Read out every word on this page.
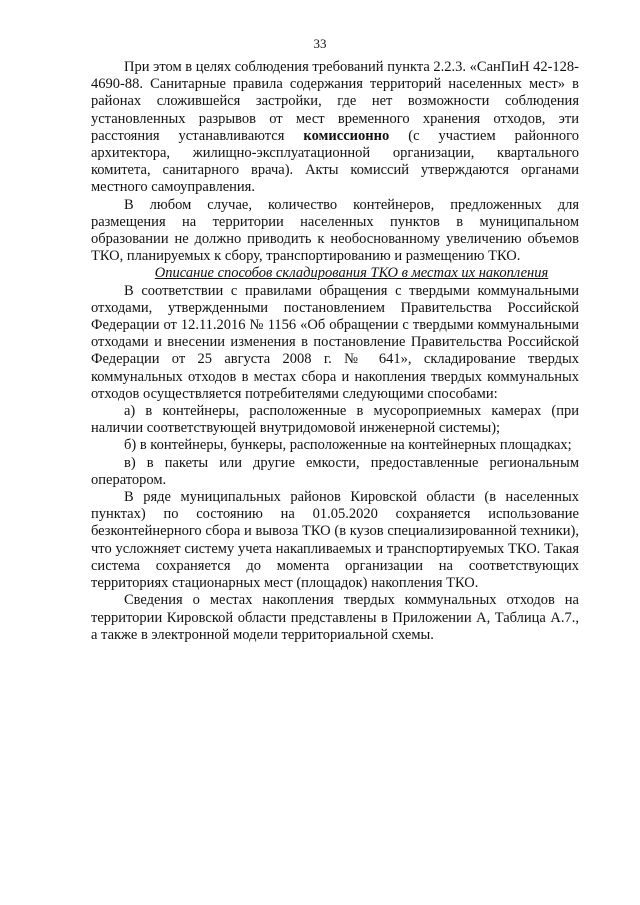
33

При этом в целях соблюдения требований пункта 2.2.3. «СанПиН 42-128-4690-88. Санитарные правила содержания территорий населенных мест» в районах сложившейся застройки, где нет возможности соблюдения установленных разрывов от мест временного хранения отходов, эти расстояния устанавливаются комиссионно (с участием районного архитектора, жилищно-эксплуатационной организации, квартального комитета, санитарного врача). Акты комиссий утверждаются органами местного самоуправления.

В любом случае, количество контейнеров, предложенных для размещения на территории населенных пунктов в муниципальном образовании не должно приводить к необоснованному увеличению объемов ТКО, планируемых к сбору, транспортированию и размещению ТКО.

Описание способов складирования ТКО в местах их накопления

В соответствии с правилами обращения с твердыми коммунальными отходами, утвержденными постановлением Правительства Российской Федерации от 12.11.2016 № 1156 «Об обращении с твердыми коммунальными отходами и внесении изменения в постановление Правительства Российской Федерации от 25 августа 2008 г. № 641», складирование твердых коммунальных отходов в местах сбора и накопления твердых коммунальных отходов осуществляется потребителями следующими способами:

а) в контейнеры, расположенные в мусороприемных камерах (при наличии соответствующей внутридомовой инженерной системы);

б) в контейнеры, бункеры, расположенные на контейнерных площадках;

в) в пакеты или другие емкости, предоставленные региональным оператором.

В ряде муниципальных районов Кировской области (в населенных пунктах) по состоянию на 01.05.2020 сохраняется использование безконтейнерного сбора и вывоза ТКО (в кузов специализированной техники), что усложняет систему учета накапливаемых и транспортируемых ТКО. Такая система сохраняется до момента организации на соответствующих территориях стационарных мест (площадок) накопления ТКО.

Сведения о местах накопления твердых коммунальных отходов на территории Кировской области представлены в Приложении А, Таблица А.7., а также в электронной модели территориальной схемы.
